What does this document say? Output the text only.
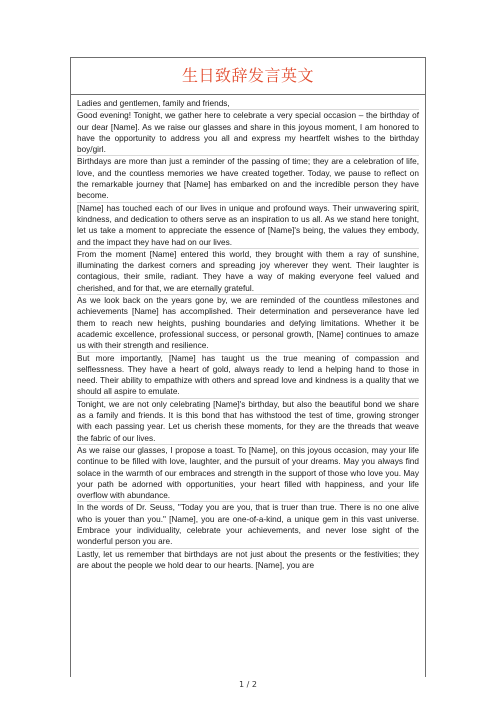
生日致辞发言英文

Ladies and gentlemen, family and friends,

Good evening! Tonight, we gather here to celebrate a very special occasion – the birthday of our dear [Name]. As we raise our glasses and share in this joyous moment, I am honored to have the opportunity to address you all and express my heartfelt wishes to the birthday boy/girl.

Birthdays are more than just a reminder of the passing of time; they are a celebration of life, love, and the countless memories we have created together. Today, we pause to reflect on the remarkable journey that [Name] has embarked on and the incredible person they have become.

[Name] has touched each of our lives in unique and profound ways. Their unwavering spirit, kindness, and dedication to others serve as an inspiration to us all. As we stand here tonight, let us take a moment to appreciate the essence of [Name]'s being, the values they embody, and the impact they have had on our lives.

From the moment [Name] entered this world, they brought with them a ray of sunshine, illuminating the darkest corners and spreading joy wherever they went. Their laughter is contagious, their smile, radiant. They have a way of making everyone feel valued and cherished, and for that, we are eternally grateful.

As we look back on the years gone by, we are reminded of the countless milestones and achievements [Name] has accomplished. Their determination and perseverance have led them to reach new heights, pushing boundaries and defying limitations. Whether it be academic excellence, professional success, or personal growth, [Name] continues to amaze us with their strength and resilience.

But more importantly, [Name] has taught us the true meaning of compassion and selflessness. They have a heart of gold, always ready to lend a helping hand to those in need. Their ability to empathize with others and spread love and kindness is a quality that we should all aspire to emulate.

Tonight, we are not only celebrating [Name]'s birthday, but also the beautiful bond we share as a family and friends. It is this bond that has withstood the test of time, growing stronger with each passing year. Let us cherish these moments, for they are the threads that weave the fabric of our lives.

As we raise our glasses, I propose a toast. To [Name], on this joyous occasion, may your life continue to be filled with love, laughter, and the pursuit of your dreams. May you always find solace in the warmth of our embraces and strength in the support of those who love you. May your path be adorned with opportunities, your heart filled with happiness, and your life overflow with abundance.

In the words of Dr. Seuss, "Today you are you, that is truer than true. There is no one alive who is youer than you." [Name], you are one-of-a-kind, a unique gem in this vast universe. Embrace your individuality, celebrate your achievements, and never lose sight of the wonderful person you are.

Lastly, let us remember that birthdays are not just about the presents or the festivities; they are about the people we hold dear to our hearts. [Name], you are

1 / 2
